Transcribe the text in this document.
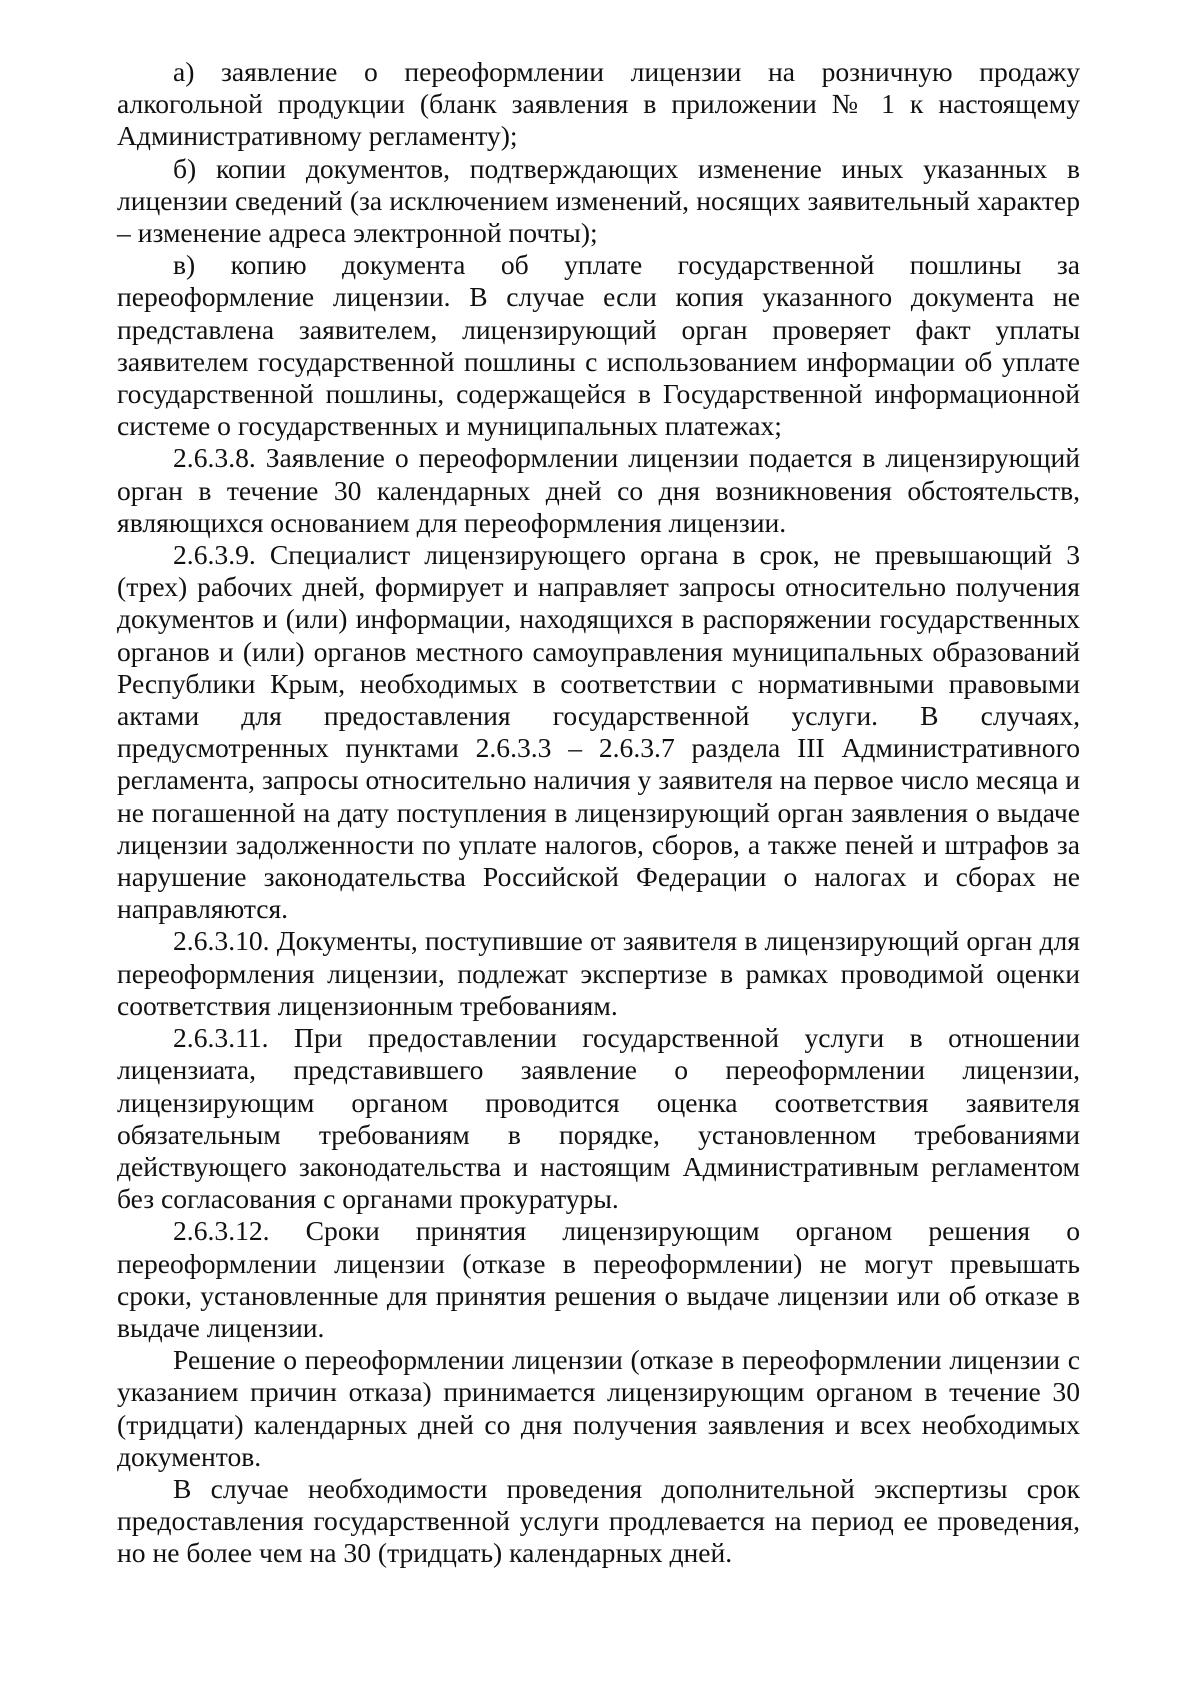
а) заявление о переоформлении лицензии на розничную продажу алкогольной продукции (бланк заявления в приложении № 1 к настоящему Административному регламенту);

б) копии документов, подтверждающих изменение иных указанных в лицензии сведений (за исключением изменений, носящих заявительный характер – изменение адреса электронной почты);

в) копию документа об уплате государственной пошлины за переоформление лицензии. В случае если копия указанного документа не представлена заявителем, лицензирующий орган проверяет факт уплаты заявителем государственной пошлины с использованием информации об уплате государственной пошлины, содержащейся в Государственной информационной системе о государственных и муниципальных платежах;

2.6.3.8. Заявление о переоформлении лицензии подается в лицензирующий орган в течение 30 календарных дней со дня возникновения обстоятельств, являющихся основанием для переоформления лицензии.

2.6.3.9. Специалист лицензирующего органа в срок, не превышающий 3 (трех) рабочих дней, формирует и направляет запросы относительно получения документов и (или) информации, находящихся в распоряжении государственных органов и (или) органов местного самоуправления муниципальных образований Республики Крым, необходимых в соответствии с нормативными правовыми актами для предоставления государственной услуги. В случаях, предусмотренных пунктами 2.6.3.3 – 2.6.3.7 раздела III Административного регламента, запросы относительно наличия у заявителя на первое число месяца и не погашенной на дату поступления в лицензирующий орган заявления о выдаче лицензии задолженности по уплате налогов, сборов, а также пеней и штрафов за нарушение законодательства Российской Федерации о налогах и сборах не направляются.

2.6.3.10. Документы, поступившие от заявителя в лицензирующий орган для переоформления лицензии, подлежат экспертизе в рамках проводимой оценки соответствия лицензионным требованиям.

2.6.3.11. При предоставлении государственной услуги в отношении лицензиата, представившего заявление о переоформлении лицензии, лицензирующим органом проводится оценка соответствия заявителя обязательным требованиям в порядке, установленном требованиями действующего законодательства и настоящим Административным регламентом без согласования с органами прокуратуры.

2.6.3.12. Сроки принятия лицензирующим органом решения о переоформлении лицензии (отказе в переоформлении) не могут превышать сроки, установленные для принятия решения о выдаче лицензии или об отказе в выдаче лицензии.

Решение о переоформлении лицензии (отказе в переоформлении лицензии с указанием причин отказа) принимается лицензирующим органом в течение 30 (тридцати) календарных дней со дня получения заявления и всех необходимых документов.

В случае необходимости проведения дополнительной экспертизы срок предоставления государственной услуги продлевается на период ее проведения, но не более чем на 30 (тридцать) календарных дней.
